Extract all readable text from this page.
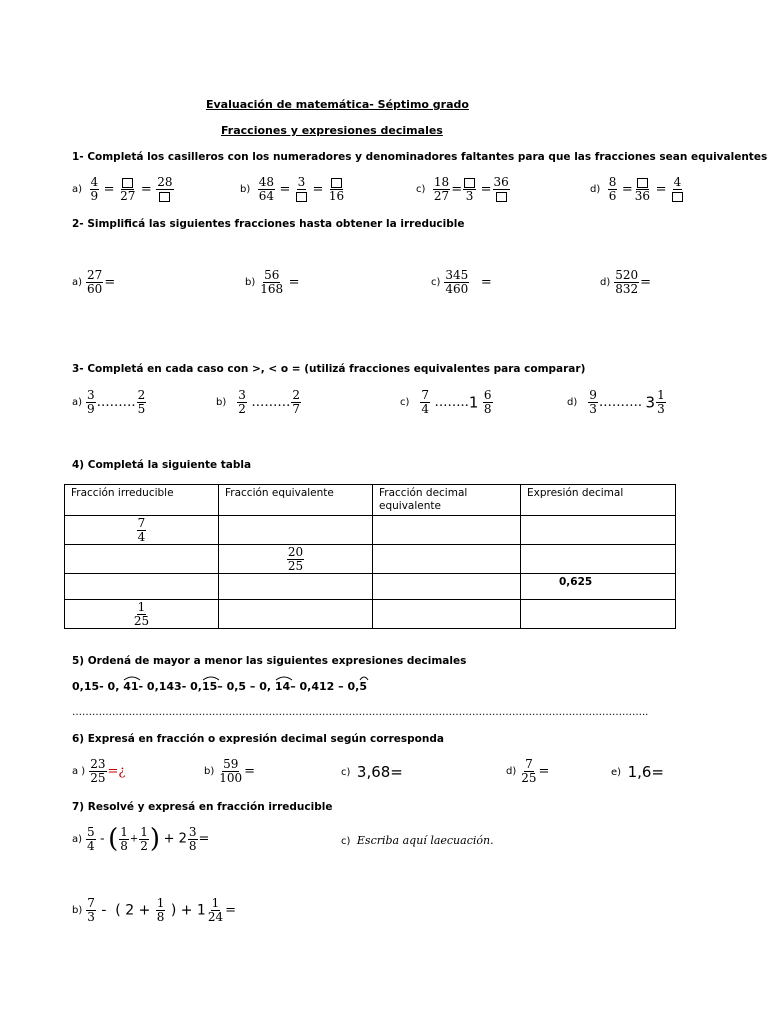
Evaluación de matemática- Séptimo grado
Fracciones y expresiones decimales
1- Completá los casilleros con los numeradores y denominadores faltantes para que las fracciones sean equivalentes
$a) \frac{4}{9} = 27 = 28$
$b) \frac{48}{64} = 3 = 16$	$c) \frac{18}{27} = 3 = 36$
$d) \frac{8}{6} = 36 = 4$
2- Simplificá las siguientes fracciones hasta obtener la irreducible
$a) \frac{27}{60}$ =	$b) \frac{56}{168}$ =	$c) \frac{345}{460}$ =	$d) \frac{520}{832}$ =
3- Completá en cada caso con >, < o = (utilizá fracciones equivalentes para comparar)
$a) \frac{3}{9}$ ……… $\frac{2}{5}$	$b) \frac{3}{2}$ ……… $\frac{2}{7}$	$c) \frac{7}{4}$ ……..1 $\frac{6}{8}$	$d) \frac{9}{3}$ ………. $3 \frac{1}{3}$
4) Completá la siguiente tabla
Fracción irreducible	Fracción equivalente	Fracción decimal equivalente	Expresión decimal

$\frac{7}{4}$

	$\frac{20}{25}$

			0,625

$\frac{1}{25}$

5) Ordená de mayor a menor las siguientes expresiones decimales
0,15- 0, 41
- 0,143- 0,15
– 0,5 – 0, 14
– 0,412 – 0,5
………………………………………………………………………………………………………………………………………………………..
6) Expresá en fracción o expresión decimal según corresponda
a ) $\frac{23}{25}$ =¿	$b) \frac{59}{100}$ =	c) 3,68=	$d) \frac{7}{25}$ =	e) 1,6=
7) Resolvé y expresá en fracción irreducible
$a) \frac{5}{4}$ - ( $\frac{1}{8} + \frac{1}{2}$ ) + $2 \frac{3}{8}$ =	c) Escriba aquí laecuación.
$b) \frac{7}{3}$ -  ( $2 + \frac{1}{8}$ ) + $1 \frac{1}{24}$ =
